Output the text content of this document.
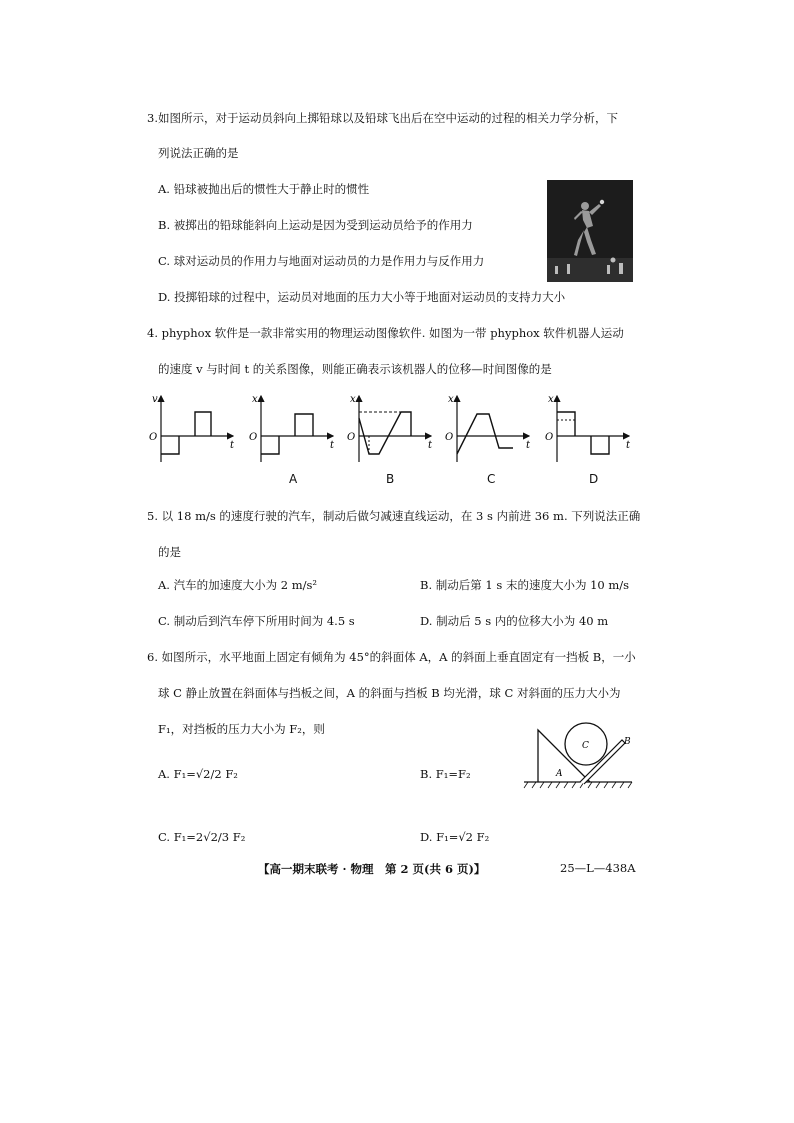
3.如图所示，对于运动员斜向上掷铅球以及铅球飞出后在空中运动的过程的相关力学分析，下
列说法正确的是
A. 铅球被抛出后的惯性大于静止时的惯性
B. 被掷出的铅球能斜向上运动是因为受到运动员给予的作用力
C. 球对运动员的作用力与地面对运动员的力是作用力与反作用力
D. 投掷铅球的过程中，运动员对地面的压力大小等于地面对运动员的支持力大小
4. phyphox 软件是一款非常实用的物理运动图像软件. 如图为一带 phyphox 软件机器人运动
的速度 v 与时间 t 的关系图像，则能正确表示该机器人的位移—时间图像的是
v
O
t
x
O
t
x
O
t
x
O
t
x
O
t
A	B	C	D
5. 以 18 m/s 的速度行驶的汽车，制动后做匀减速直线运动，在 3 s 内前进 36 m. 下列说法正确
的是
A. 汽车的加速度大小为 2 m/s²	B. 制动后第 1 s 末的速度大小为 10 m/s
C. 制动后到汽车停下所用时间为 4.5 s	D. 制动后 5 s 内的位移大小为 40 m
6. 如图所示，水平地面上固定有倾角为 45°的斜面体 A，A 的斜面上垂直固定有一挡板 B，一小
球 C 静止放置在斜面体与挡板之间，A 的斜面与挡板 B 均光滑，球 C 对斜面的压力大小为
F₁，对挡板的压力大小为 F₂，则
A. F₁=√2/2 F₂	B. F₁=F₂
C. F₁=2√2/3 F₂	D. F₁=√2 F₂
A
B
C
【高一期末联考 · 物理　第 2 页(共 6 页)】	25—L—438A
